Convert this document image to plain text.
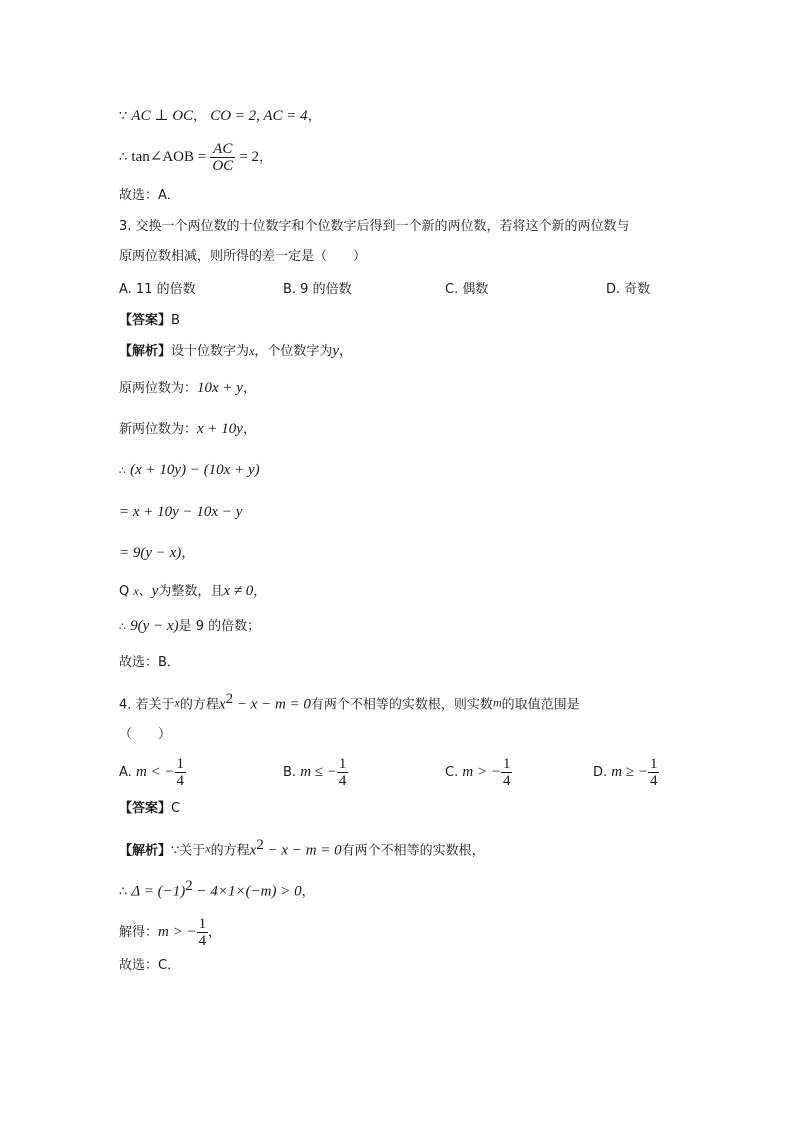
∵ AC ⊥ OC， CO = 2, AC = 4，
∴ tan∠AOB = $\frac{AC}{OC} = 2$，
故选：A．
3. 交换一个两位数的十位数字和个位数字后得到一个新的两位数，若将这个新的两位数与
原两位数相减，则所得的差一定是（　　）
A. 11 的倍数	B. 9 的倍数	C. 偶数	D. 奇数
【答案】B
【解析】设十位数字为x，个位数字为y，
原两位数为：10x + y，
新两位数为：x + 10y，
∴ (x + 10y) − (10x + y)
= x + 10y − 10x − y
= 9(y − x)，
Q x、y为整数，且x ≠ 0，
∴ 9(y − x)是 9 的倍数；
故选：B．
4. 若关于x的方程$x^2 - x - m = 0$有两个不相等的实数根，则实数m的取值范围是
（　　）
A. m < − $\frac{1}{4}$	B. m ≤ − $\frac{1}{4}$	C. m > − $\frac{1}{4}$	D. m ≥ − $\frac{1}{4}$
【答案】C
【解析】∵关于x的方程$x^2 - x - m = 0$有两个不相等的实数根，
∴ $\Delta = (-1)^2 - 4\times 1\times(-m) > 0$，
解得：m > − $\frac{1}{4}$ ，
故选：C．
